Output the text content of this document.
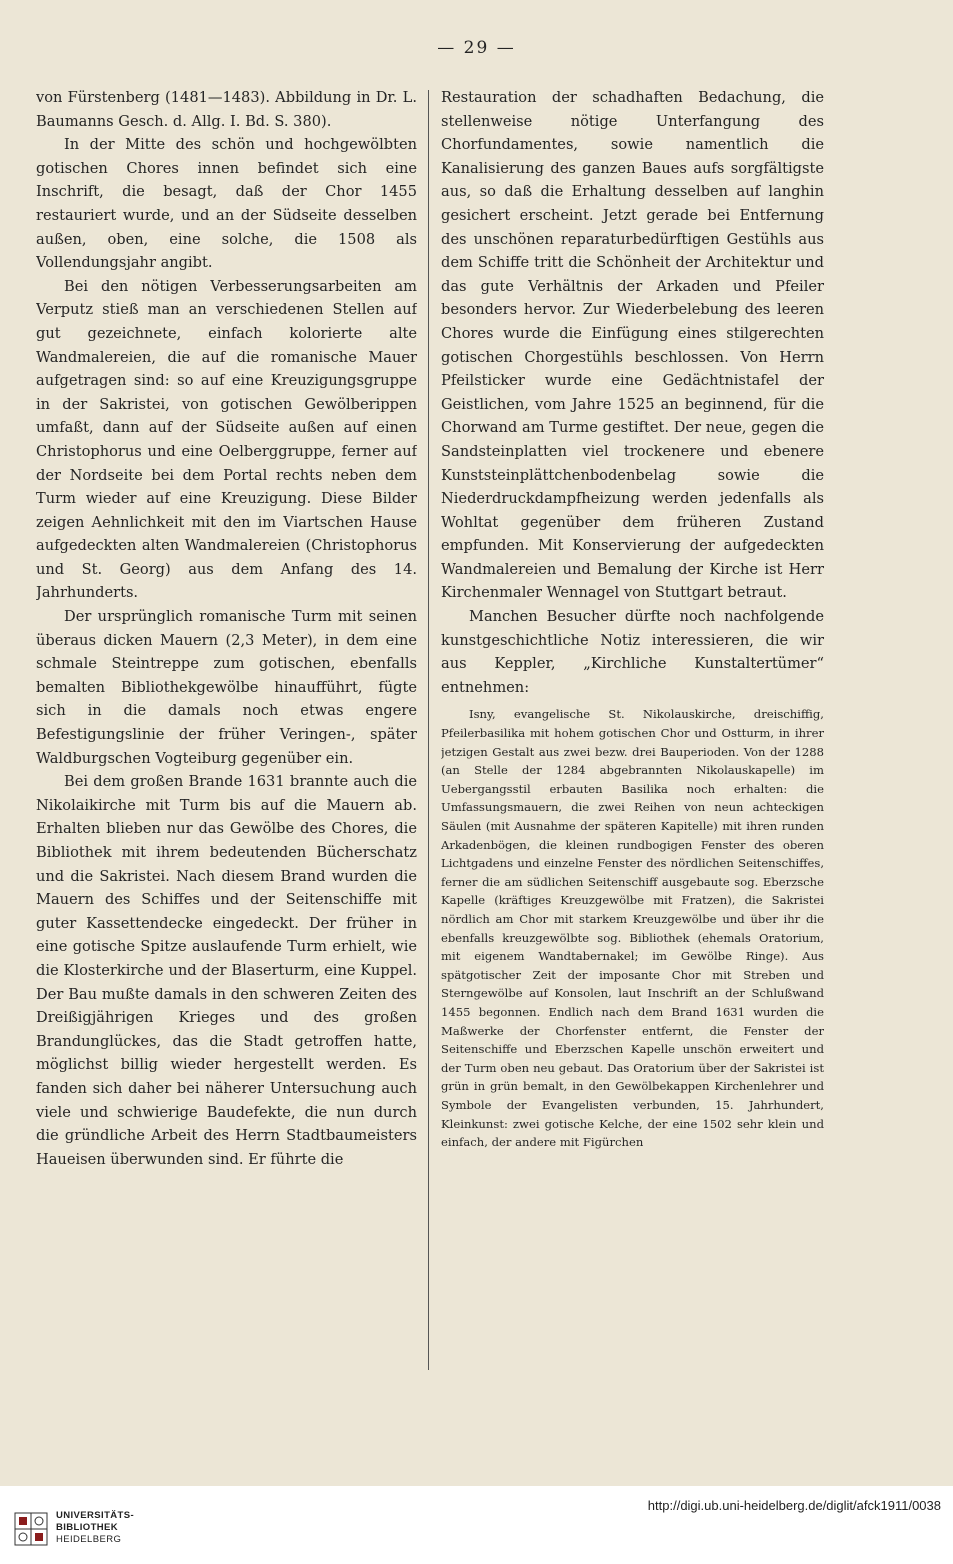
— 29 —

von Fürstenberg (1481—1483). Abbildung in Dr. L. Baumanns Gesch. d. Allg. I. Bd. S. 380).

In der Mitte des schön und hochgewölbten gotischen Chores innen befindet sich eine Inschrift, die besagt, daß der Chor 1455 restauriert wurde, und an der Südseite desselben außen, oben, eine solche, die 1508 als Vollendungsjahr angibt.

Bei den nötigen Verbesserungsarbeiten am Verputz stieß man an verschiedenen Stellen auf gut gezeichnete, einfach kolorierte alte Wandmalereien, die auf die romanische Mauer aufgetragen sind: so auf eine Kreuzigungsgruppe in der Sakristei, von gotischen Gewölberippen umfaßt, dann auf der Südseite außen auf einen Christophorus und eine Oelberggruppe, ferner auf der Nordseite bei dem Portal rechts neben dem Turm wieder auf eine Kreuzigung. Diese Bilder zeigen Aehnlichkeit mit den im Viartschen Hause aufgedeckten alten Wandmalereien (Christophorus und St. Georg) aus dem Anfang des 14. Jahrhunderts.

Der ursprünglich romanische Turm mit seinen überaus dicken Mauern (2,3 Meter), in dem eine schmale Steintreppe zum gotischen, ebenfalls bemalten Bibliothekgewölbe hinaufführt, fügte sich in die damals noch etwas engere Befestigungslinie der früher Veringen-, später Waldburgschen Vogteiburg gegenüber ein.

Bei dem großen Brande 1631 brannte auch die Nikolaikirche mit Turm bis auf die Mauern ab. Erhalten blieben nur das Gewölbe des Chores, die Bibliothek mit ihrem bedeutenden Bücherschatz und die Sakristei. Nach diesem Brand wurden die Mauern des Schiffes und der Seitenschiffe mit guter Kassettendecke eingedeckt. Der früher in eine gotische Spitze auslaufende Turm erhielt, wie die Klosterkirche und der Blaserturm, eine Kuppel. Der Bau mußte damals in den schweren Zeiten des Dreißigjährigen Krieges und des großen Brandunglückes, das die Stadt getroffen hatte, möglichst billig wieder hergestellt werden. Es fanden sich daher bei näherer Untersuchung auch viele und schwierige Baudefekte, die nun durch die gründliche Arbeit des Herrn Stadtbaumeisters Haueisen überwunden sind. Er führte die

Restauration der schadhaften Bedachung, die stellenweise nötige Unterfangung des Chorfundamentes, sowie namentlich die Kanalisierung des ganzen Baues aufs sorgfältigste aus, so daß die Erhaltung desselben auf langhin gesichert erscheint. Jetzt gerade bei Entfernung des unschönen reparaturbedürftigen Gestühls aus dem Schiffe tritt die Schönheit der Architektur und das gute Verhältnis der Arkaden und Pfeiler besonders hervor. Zur Wiederbelebung des leeren Chores wurde die Einfügung eines stilgerechten gotischen Chorgestühls beschlossen. Von Herrn Pfeilsticker wurde eine Gedächtnistafel der Geistlichen, vom Jahre 1525 an beginnend, für die Chorwand am Turme gestiftet. Der neue, gegen die Sandsteinplatten viel trockenere und ebenere Kunststeinplättchenbodenbelag sowie die Niederdruckdampfheizung werden jedenfalls als Wohltat gegenüber dem früheren Zustand empfunden. Mit Konservierung der aufgedeckten Wandmalereien und Bemalung der Kirche ist Herr Kirchenmaler Wennagel von Stuttgart betraut.

Manchen Besucher dürfte noch nachfolgende kunstgeschichtliche Notiz interessieren, die wir aus Keppler, „Kirchliche Kunstaltertümer“ entnehmen:

Isny, evangelische St. Nikolauskirche, dreischiffig, Pfeilerbasilika mit hohem gotischen Chor und Ostturm, in ihrer jetzigen Gestalt aus zwei bezw. drei Bauperioden. Von der 1288 (an Stelle der 1284 abgebrannten Nikolauskapelle) im Uebergangsstil erbauten Basilika noch erhalten: die Umfassungsmauern, die zwei Reihen von neun achteckigen Säulen (mit Ausnahme der späteren Kapitelle) mit ihren runden Arkadenbögen, die kleinen rundbogigen Fenster des oberen Lichtgadens und einzelne Fenster des nördlichen Seitenschiffes, ferner die am südlichen Seitenschiff ausgebaute sog. Eberzsche Kapelle (kräftiges Kreuzgewölbe mit Fratzen), die Sakristei nördlich am Chor mit starkem Kreuzgewölbe und über ihr die ebenfalls kreuzgewölbte sog. Bibliothek (ehemals Oratorium, mit eigenem Wandtabernakel; im Gewölbe Ringe). Aus spätgotischer Zeit der imposante Chor mit Streben und Sterngewölbe auf Konsolen, laut Inschrift an der Schlußwand 1455 begonnen. Endlich nach dem Brand 1631 wurden die Maßwerke der Chorfenster entfernt, die Fenster der Seitenschiffe und Eberzschen Kapelle unschön erweitert und der Turm oben neu gebaut. Das Oratorium über der Sakristei ist grün in grün bemalt, in den Gewölbekappen Kirchenlehrer und Symbole der Evangelisten verbunden, 15. Jahrhundert, Kleinkunst: zwei gotische Kelche, der eine 1502 sehr klein und einfach, der andere mit Figürchen

UNIVERSITÄTS-
BIBLIOTHEK
HEIDELBERG
http://digi.ub.uni-heidelberg.de/diglit/afck1911/0038
